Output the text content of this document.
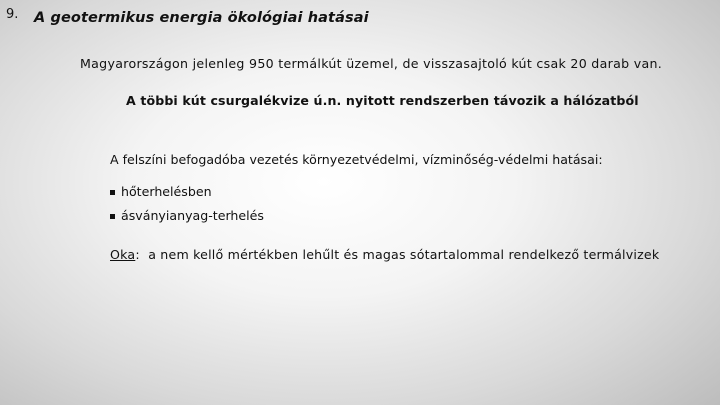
9. A geotermikus energia ökológiai hatásai
Magyarországon jelenleg 950 termálkút üzemel, de visszasajtoló kút csak 20 darab van.
A többi kút csurgalékvize ú.n. nyitott rendszerben távozik a hálózatból
A felszíni befogadóba vezetés környezetvédelmi, vízminőség-védelmi hatásai:
hőterhelésben
ásványianyag-terhelés
Oka: a nem kellő mértékben lehűlt és magas sótartalommal rendelkező termálvizek
